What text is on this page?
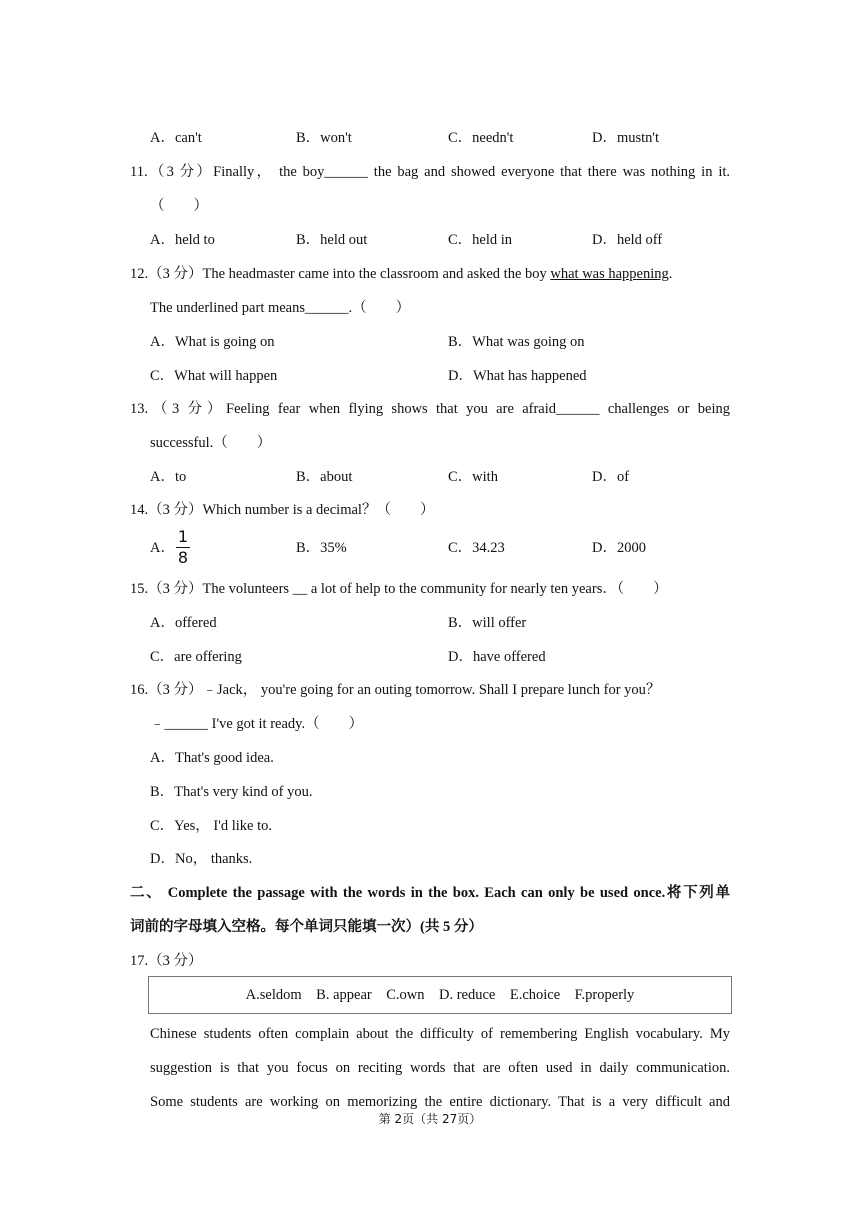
A．can't	B．won't	C．needn't	D．mustn't
11.（3 分）Finally， the boy______ the bag and showed everyone that there was nothing in it.
（　　）
A．held to	B．held out	C．held in	D．held off
12.（3 分）The headmaster came into the classroom and asked the boy what was happening.
The underlined part means______.（　　）
A．What is going on	B．What was going on
C．What will happen	D．What has happened
13.（3 分）Feeling fear when flying shows that you are afraid______ challenges or being
successful.（　　）
A．to	B．about	C．with	D．of
14.（3 分）Which number is a decimal？（　　）
A．
1
8	B．35%	C．34.23	D．2000
15.（3 分）The volunteers __ a lot of help to the community for nearly ten years．（　　）
A．offered	B．will offer
C．are offering	D．have offered
16.（3 分）﹣Jack， you're going for an outing tomorrow. Shall I prepare lunch for you？
﹣______ I've got it ready.（　　）
A．That's good idea.
B．That's very kind of you.
C．Yes， I'd like to.
D．No， thanks.
二、 Complete the passage with the words in the box. Each can only be used once.将下列单
词前的字母填入空格。每个单词只能填一次）(共 5 分）
17.（3 分）
A.seldom    B. appear    C.own    D. reduce    E.choice    F.properly
Chinese students often complain about the difficulty of remembering English vocabulary. My
suggestion is that you focus on reciting words that are often used in daily communication.
Some students are working on memorizing the entire dictionary. That is a very difficult and
第 2页（共 27页）
